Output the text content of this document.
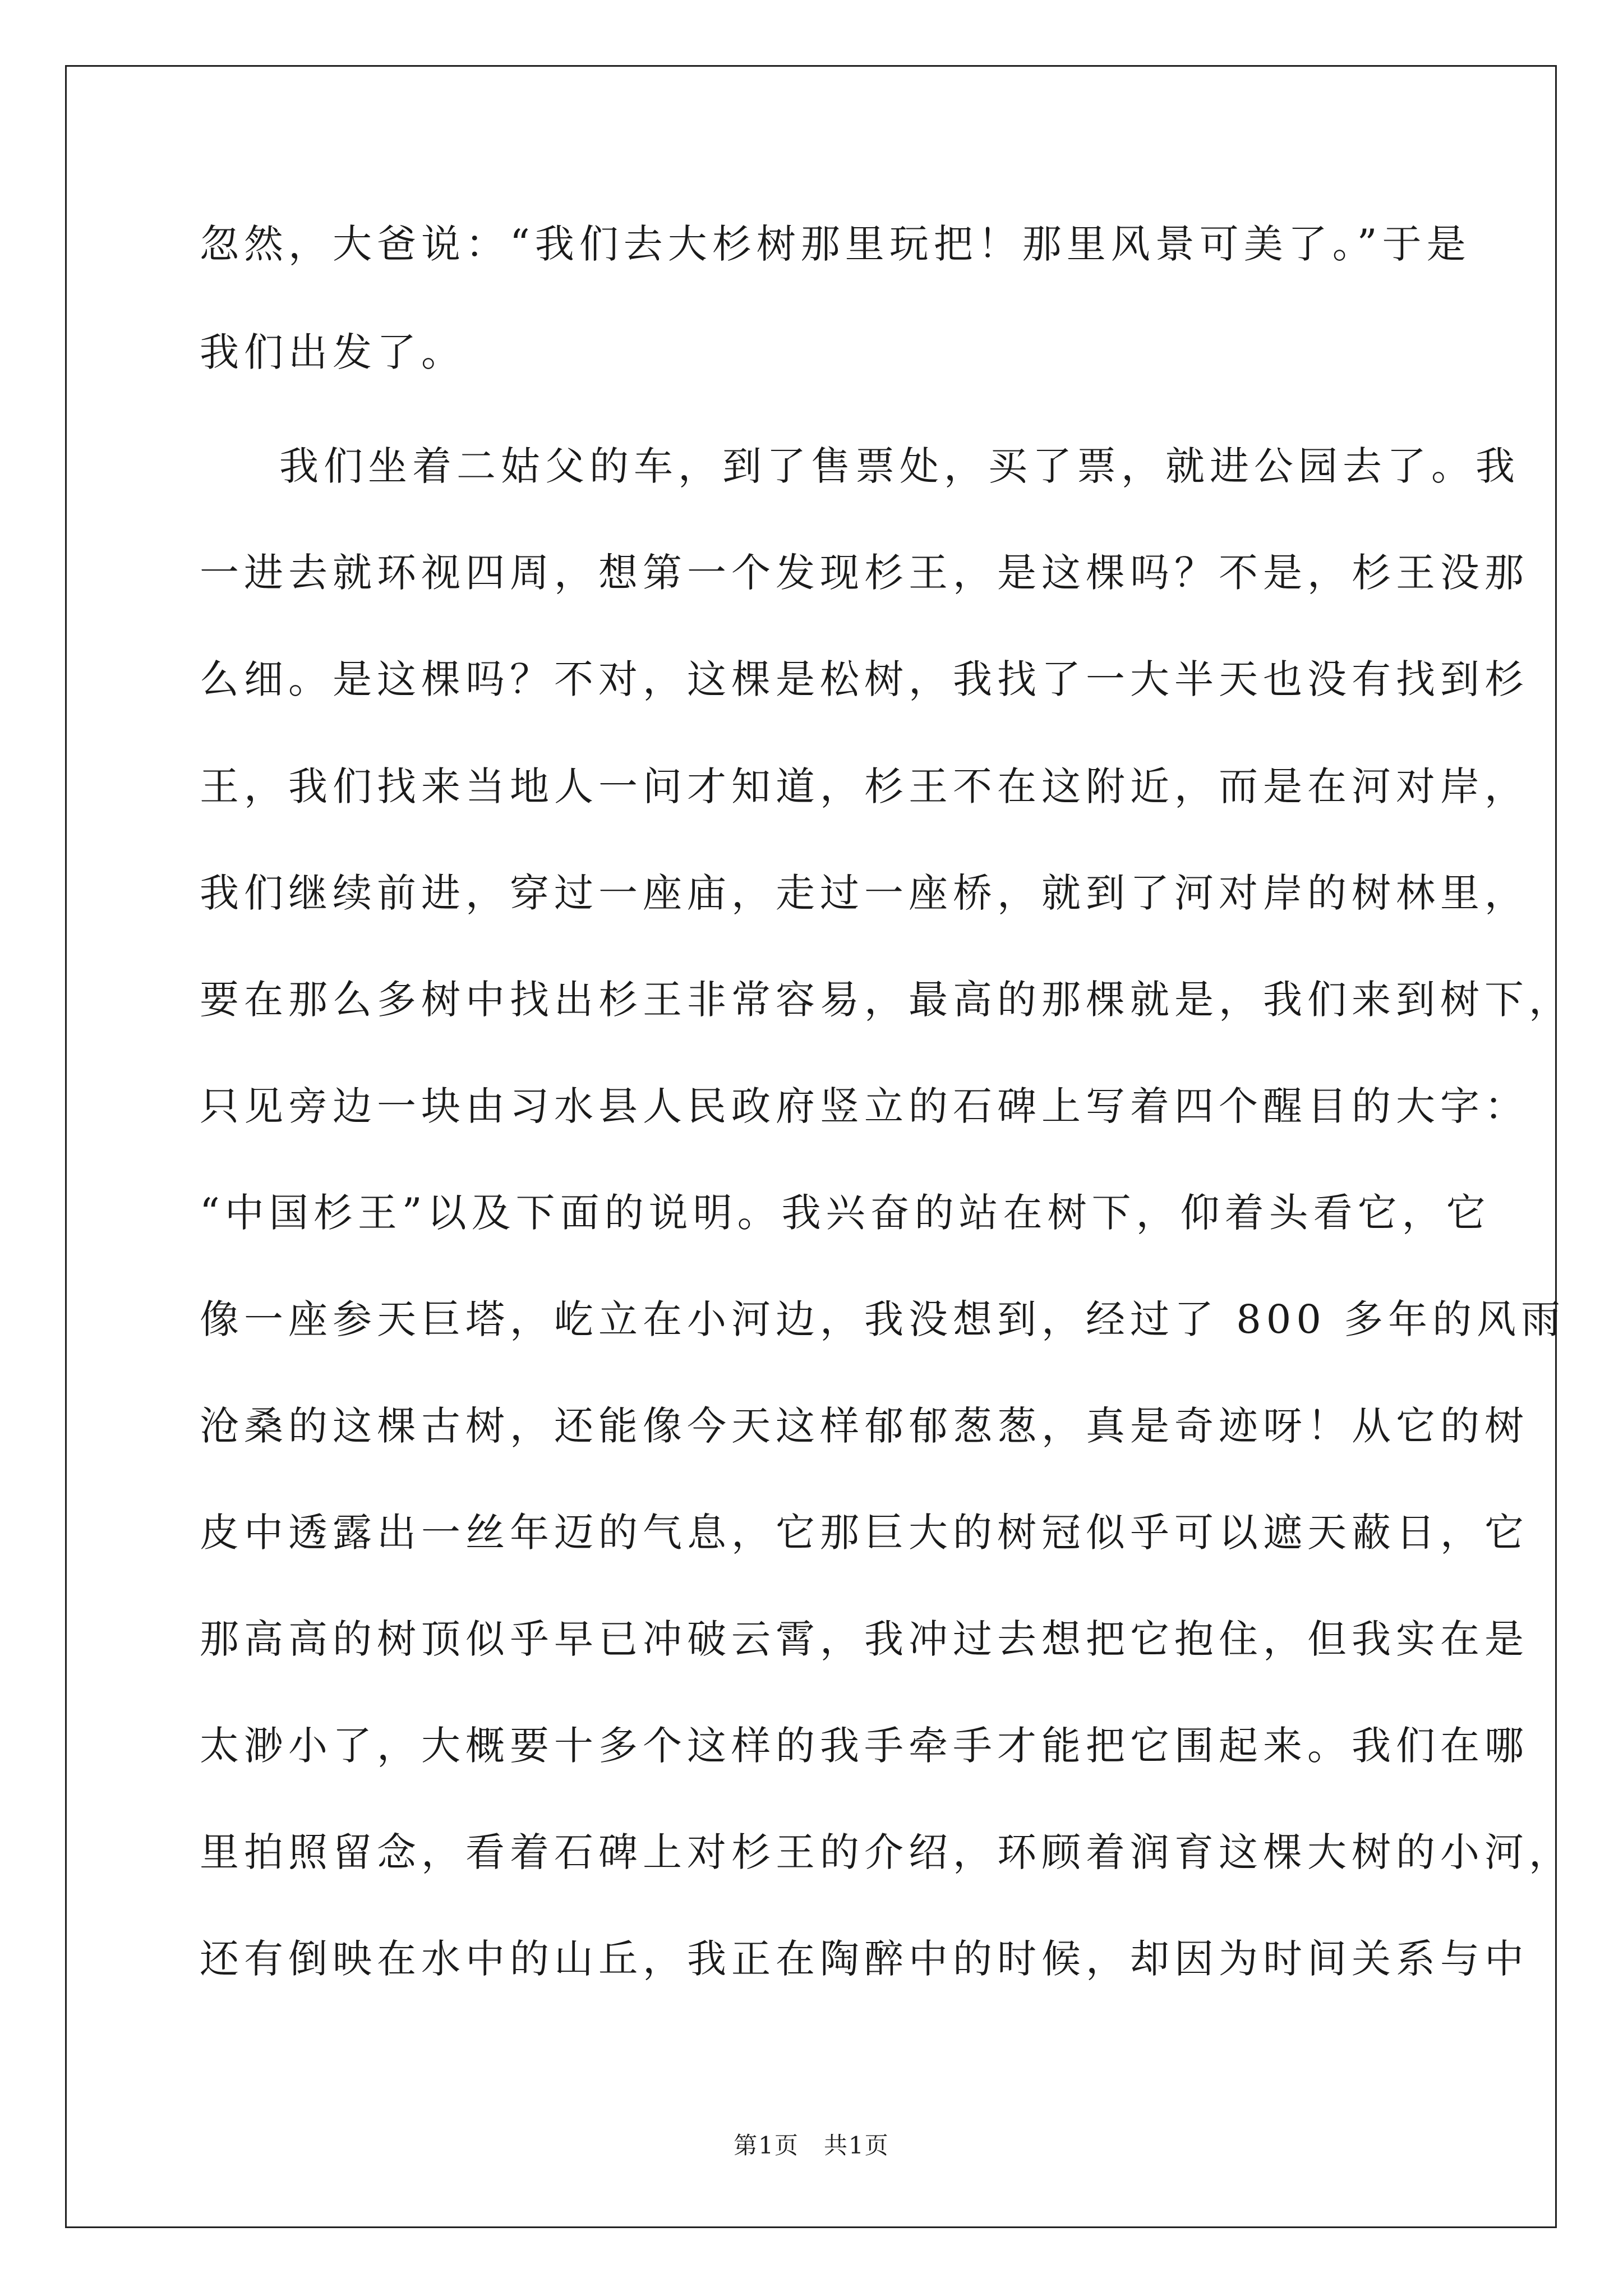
忽然，大爸说：“我们去大杉树那里玩把！那里风景可美了。”于是
我们出发了。
我们坐着二姑父的车，到了售票处，买了票，就进公园去了。我
一进去就环视四周，想第一个发现杉王，是这棵吗？不是，杉王没那
么细。是这棵吗？不对，这棵是松树，我找了一大半天也没有找到杉
王，我们找来当地人一问才知道，杉王不在这附近，而是在河对岸，
我们继续前进，穿过一座庙，走过一座桥，就到了河对岸的树林里，
要在那么多树中找出杉王非常容易，最高的那棵就是，我们来到树下，
只见旁边一块由习水县人民政府竖立的石碑上写着四个醒目的大字：
“中国杉王”以及下面的说明。我兴奋的站在树下，仰着头看它，它
像一座参天巨塔，屹立在小河边，我没想到，经过了 800 多年的风雨
沧桑的这棵古树，还能像今天这样郁郁葱葱，真是奇迹呀！从它的树
皮中透露出一丝年迈的气息，它那巨大的树冠似乎可以遮天蔽日，它
那高高的树顶似乎早已冲破云霄，我冲过去想把它抱住，但我实在是
太渺小了，大概要十多个这样的我手牵手才能把它围起来。我们在哪
里拍照留念，看着石碑上对杉王的介绍，环顾着润育这棵大树的小河，
还有倒映在水中的山丘，我正在陶醉中的时候，却因为时间关系与中
第1页　共1页
